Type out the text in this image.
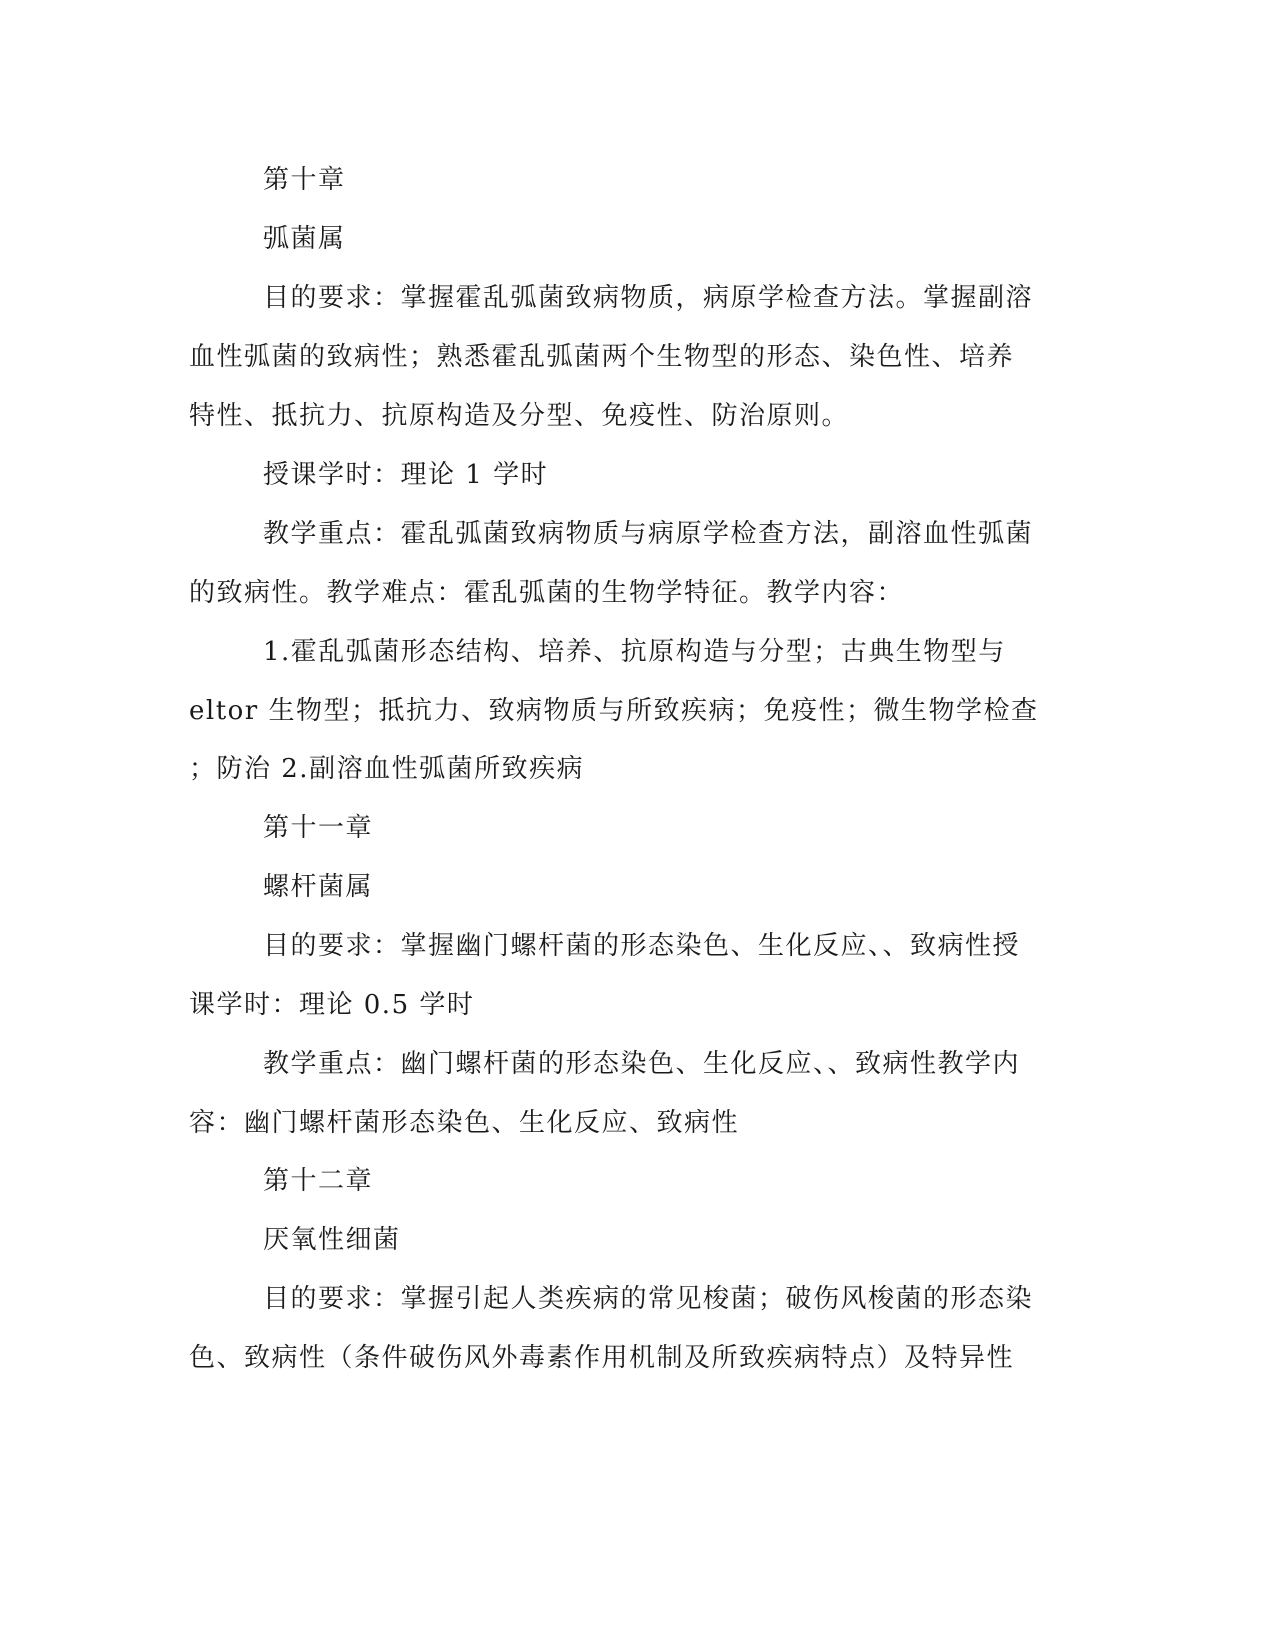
第十章

弧菌属

目的要求：掌握霍乱弧菌致病物质，病原学检查方法。掌握副溶

血性弧菌的致病性；熟悉霍乱弧菌两个生物型的形态、染色性、培养

特性、抵抗力、抗原构造及分型、免疫性、防治原则。

授课学时：理论 1 学时

教学重点：霍乱弧菌致病物质与病原学检查方法，副溶血性弧菌

的致病性。教学难点：霍乱弧菌的生物学特征。教学内容：

1.霍乱弧菌形态结构、培养、抗原构造与分型；古典生物型与

eltor 生物型；抵抗力、致病物质与所致疾病；免疫性；微生物学检查

；防治 2.副溶血性弧菌所致疾病

第十一章

螺杆菌属

目的要求：掌握幽门螺杆菌的形态染色、生化反应、、致病性授

课学时：理论 0.5 学时

教学重点：幽门螺杆菌的形态染色、生化反应、、致病性教学内

容：幽门螺杆菌形态染色、生化反应、致病性

第十二章

厌氧性细菌

目的要求：掌握引起人类疾病的常见梭菌；破伤风梭菌的形态染

色、致病性（条件破伤风外毒素作用机制及所致疾病特点）及特异性
